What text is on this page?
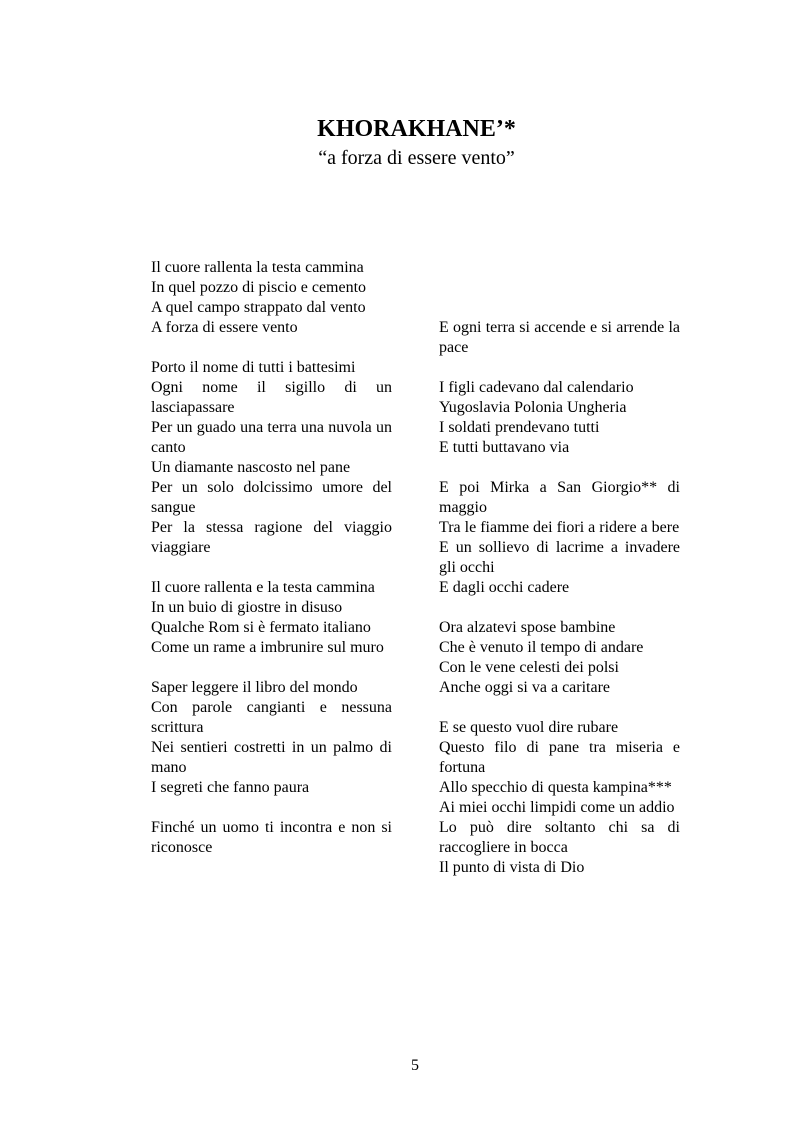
KHORAKHANE’*

“a forza di essere vento”

Il cuore rallenta la testa cammina
In quel pozzo di piscio e cemento
A quel campo strappato dal vento
A forza di essere vento
Porto il nome di tutti i battesimi
Ogni nome il sigillo di un lasciapassare
Per un guado una terra una nuvola un canto
Un diamante nascosto nel pane
Per un solo dolcissimo umore del sangue
Per la stessa ragione del viaggio viaggiare
Il cuore rallenta e la testa cammina
In un buio di giostre in disuso
Qualche Rom si è fermato italiano
Come un rame a imbrunire sul muro
Saper leggere il libro del mondo
Con parole cangianti e nessuna scrittura
Nei sentieri costretti in un palmo di mano
I segreti che fanno paura
Finché un uomo ti incontra e non si riconosce
E ogni terra si accende e si arrende la pace
I figli cadevano dal calendario
Yugoslavia Polonia Ungheria
I soldati prendevano tutti
E tutti buttavano via
E poi Mirka a San Giorgio** di maggio
Tra le fiamme dei fiori a ridere a bere
E un sollievo di lacrime a invadere gli occhi
E dagli occhi cadere
Ora alzatevi spose bambine
Che è venuto il tempo di andare
Con le vene celesti dei polsi
Anche oggi si va a caritare
E se questo vuol dire rubare
Questo filo di pane tra miseria e fortuna
Allo specchio di questa kampina***
Ai miei occhi limpidi come un addio
Lo può dire soltanto chi sa di raccogliere in bocca
Il punto di vista di Dio
5
